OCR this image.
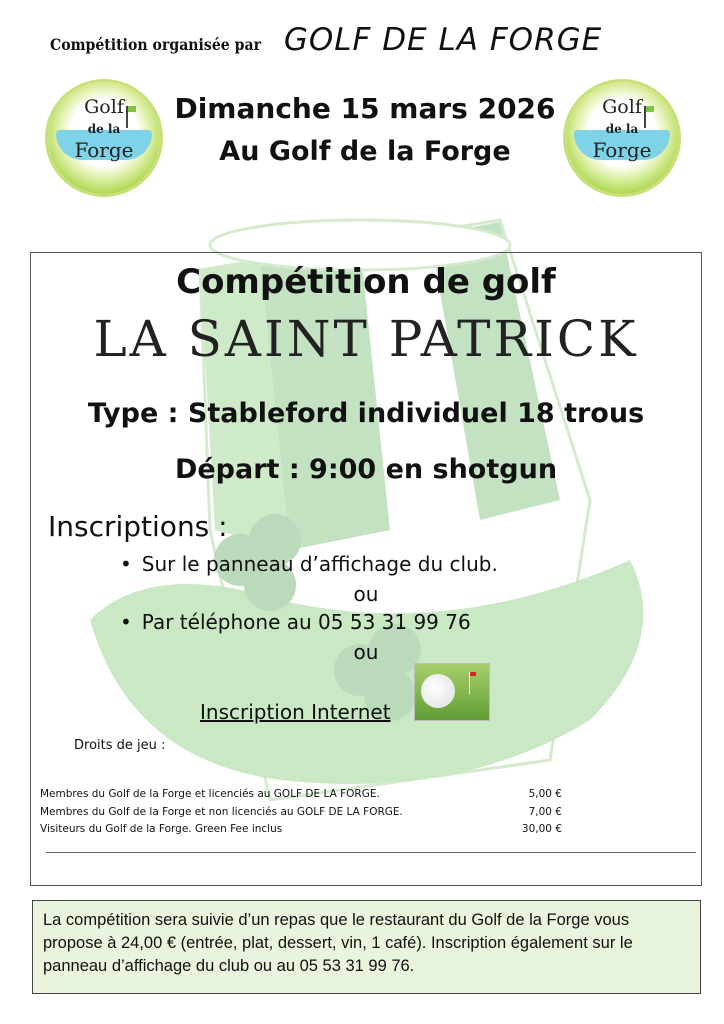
Compétition organisée par GOLF DE LA FORGE
Golf
de la
Forge
Dimanche 15 mars 2026
Au Golf de la Forge
Golf
de la
Forge
Compétition de golf
LA SAINT PATRICK
Type : Stableford individuel 18 trous
Départ : 9:00 en shotgun
Inscriptions :
• Sur le panneau d’affichage du club.
ou
• Par téléphone au 05 53 31 99 76
ou
Inscription Internet
Droits de jeu :
Membres du Golf de la Forge et licenciés au GOLF DE LA FORGE.	5,00 €
Membres du Golf de la Forge et non licenciés au GOLF DE LA FORGE.	7,00 €
Visiteurs du Golf de la Forge. Green Fee inclus	30,00 €

La compétition sera suivie d’un repas que le restaurant du Golf de la Forge vous propose à 24,00 € (entrée, plat, dessert, vin, 1 café). Inscription également sur le panneau d’affichage du club ou au 05 53 31 99 76.
